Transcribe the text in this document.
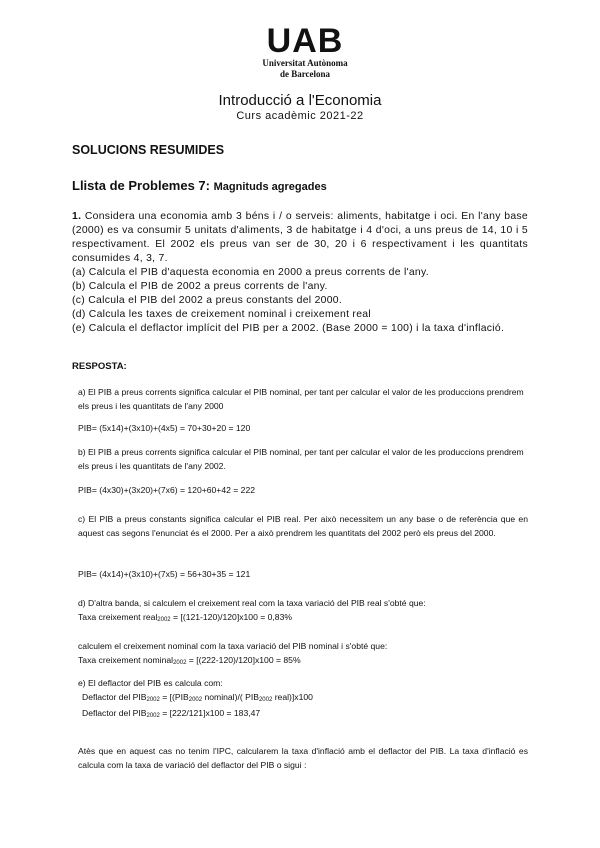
UAB
Universitat Autònoma
de Barcelona
Introducció a l'Economia
Curs acadèmic 2021-22
SOLUCIONS RESUMIDES
Llista de Problemes 7: Magnituds agregades

1. Considera una economia amb 3 béns i / o serveis: aliments, habitatge i oci. En l'any base (2000) es va consumir 5 unitats d'aliments, 3 de habitatge i 4 d'oci, a uns preus de 14, 10 i 5 respectivament. El 2002 els preus van ser de 30, 20 i 6 respectivament i les quantitats consumides 4, 3, 7.

(a) Calcula el PIB d'aquesta economia en 2000 a preus corrents de l'any.

(b) Calcula el PIB de 2002 a preus corrents de l'any.

(c) Calcula el PIB del 2002 a preus constants del 2000.

(d) Calcula les taxes de creixement nominal i creixement real

(e) Calcula el deflactor implícit del PIB per a 2002. (Base 2000 = 100) i la taxa d'inflació.

RESPOSTA:

a) El PIB a preus corrents significa calcular el PIB nominal, per tant per calcular el valor de les produccions prendrem els preus i les quantitats de l'any 2000

PIB= (5x14)+(3x10)+(4x5) = 70+30+20 = 120

b) El PIB a preus corrents significa calcular el PIB nominal, per tant per calcular el valor de les produccions prendrem els preus i les quantitats de l'any 2002.

PIB= (4x30)+(3x20)+(7x6) = 120+60+42 = 222

c) El PIB a preus constants significa calcular el PIB real. Per això necessitem un any base o de referència que en aquest cas segons l'enunciat és el 2000. Per a això prendrem les quantitats del 2002 però els preus del 2000.

PIB= (4x14)+(3x10)+(7x5) = 56+30+35 = 121

d) D'altra banda, si calculem el creixement real com la taxa variació del PIB real s'obté que:

Taxa creixement real2002 = [(121-120)/120]x100 = 0,83%

calculem el creixement nominal com la taxa variació del PIB nominal i s'obté que:

Taxa creixement nominal2002 = [(222-120)/120]x100 = 85%

e) El deflactor del PIB es calcula com:

Deflactor del PIB2002 = [(PIB2002 nominal)/( PIB2002 real)]x100

Deflactor del PIB2002 = [222/121]x100 = 183,47

Atès que en aquest cas no tenim l'IPC, calcularem la taxa d'inflació amb el deflactor del PIB. La taxa d'inflació es calcula com la taxa de variació del deflactor del PIB o sigui :
